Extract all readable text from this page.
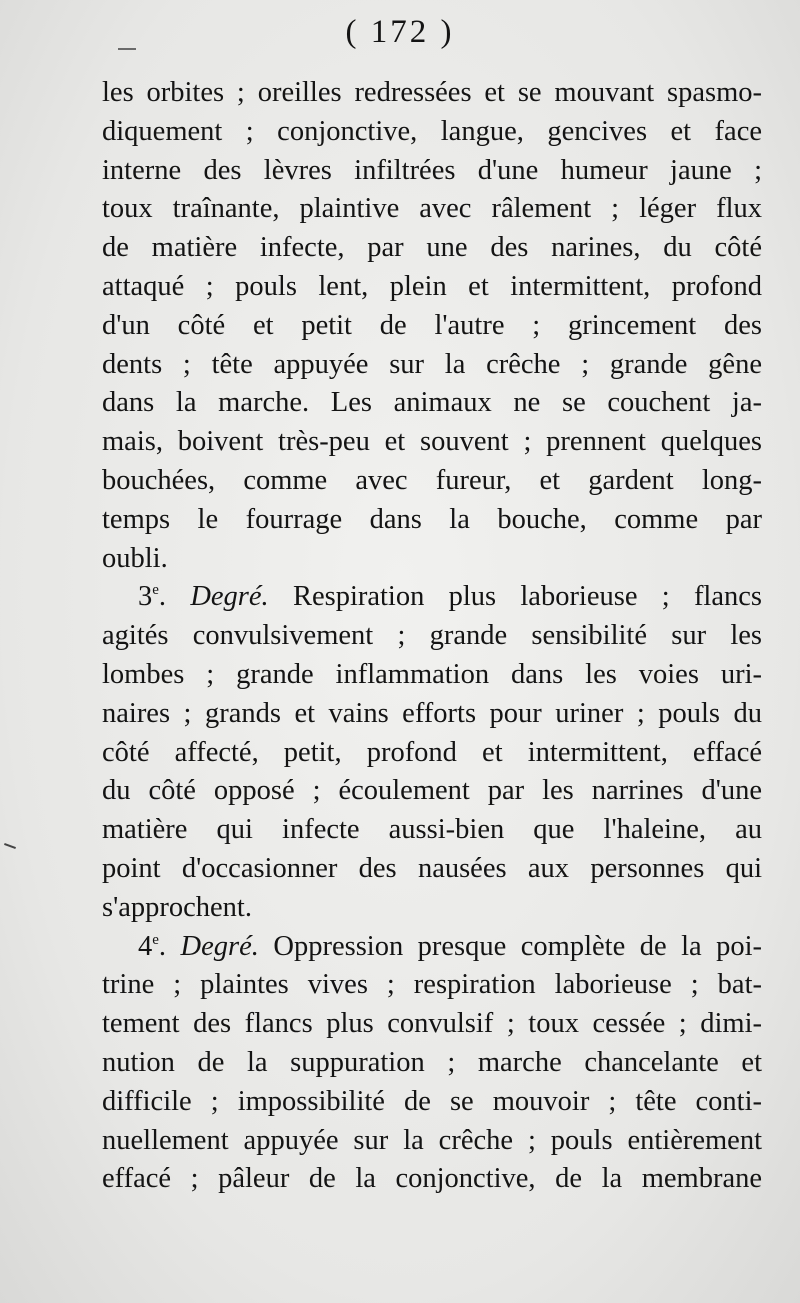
( 172 )
les orbites ; oreilles redressées et se mouvant spasmo-
diquement ; conjonctive, langue, gencives et face
interne des lèvres infiltrées d'une humeur jaune ;
toux traînante, plaintive avec râlement ; léger flux
de matière infecte, par une des narines, du côté
attaqué ; pouls lent, plein et intermittent, profond
d'un côté et petit de l'autre ; grincement des
dents ; tête appuyée sur la crêche ; grande gêne
dans la marche. Les animaux ne se couchent ja-
mais, boivent très-peu et souvent ; prennent quelques
bouchées, comme avec fureur, et gardent long-
temps le fourrage dans la bouche, comme par
oubli.
3e. Degré. Respiration plus laborieuse ; flancs
agités convulsivement ; grande sensibilité sur les
lombes ; grande inflammation dans les voies uri-
naires ; grands et vains efforts pour uriner ; pouls du
côté affecté, petit, profond et intermittent, effacé
du côté opposé ; écoulement par les narrines d'une
matière qui infecte aussi-bien que l'haleine, au
point d'occasionner des nausées aux personnes qui
s'approchent.
4e. Degré. Oppression presque complète de la poi-
trine ; plaintes vives ; respiration laborieuse ; bat-
tement des flancs plus convulsif ; toux cessée ; dimi-
nution de la suppuration ; marche chancelante et
difficile ; impossibilité de se mouvoir ; tête conti-
nuellement appuyée sur la crêche ; pouls entièrement
effacé ; pâleur de la conjonctive, de la membrane
